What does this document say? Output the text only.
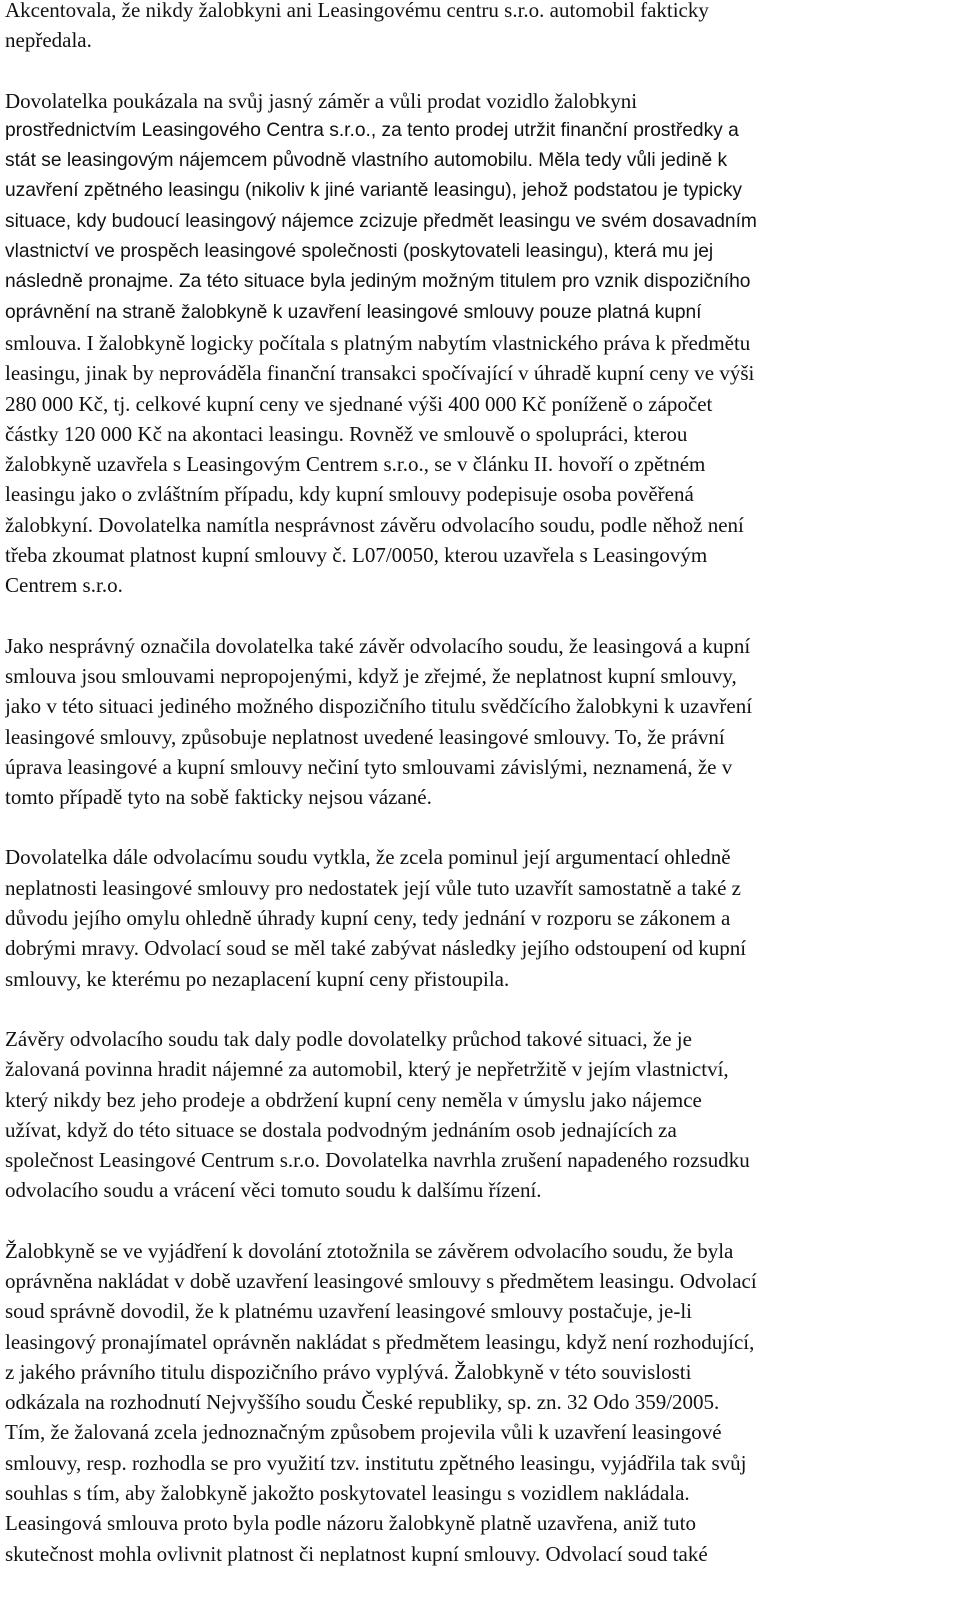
Akcentovala, že nikdy žalobkyni ani Leasingovému centru s.r.o. automobil fakticky
nepředala.
Dovolatelka poukázala na svůj jasný záměr a vůli prodat vozidlo žalobkyni
prostřednictvím Leasingového Centra s.r.o., za tento prodej utržit finanční prostředky a
stát se leasingovým nájemcem původně vlastního automobilu. Měla tedy vůli jedině k
uzavření zpětného leasingu (nikoliv k jiné variantě leasingu), jehož podstatou je typicky
situace, kdy budoucí leasingový nájemce zcizuje předmět leasingu ve svém dosavadním
vlastnictví ve prospěch leasingové společnosti (poskytovateli leasingu), která mu jej
následně pronajme. Za této situace byla jediným možným titulem pro vznik dispozičního
oprávnění na straně žalobkyně k uzavření leasingové smlouvy pouze platná kupní
smlouva. I žalobkyně logicky počítala s platným nabytím vlastnického práva k předmětu
leasingu, jinak by neprováděla finanční transakci spočívající v úhradě kupní ceny ve výši
280 000 Kč, tj. celkové kupní ceny ve sjednané výši 400 000 Kč poníženě o zápočet
částky 120 000 Kč na akontaci leasingu. Rovněž ve smlouvě o spolupráci, kterou
žalobkyně uzavřela s Leasingovým Centrem s.r.o., se v článku II. hovoří o zpětném
leasingu jako o zvláštním případu, kdy kupní smlouvy podepisuje osoba pověřená
žalobkyní. Dovolatelka namítla nesprávnost závěru odvolacího soudu, podle něhož není
třeba zkoumat platnost kupní smlouvy č. L07/0050, kterou uzavřela s Leasingovým
Centrem s.r.o.
Jako nesprávný označila dovolatelka také závěr odvolacího soudu, že leasingová a kupní
smlouva jsou smlouvami nepropojenými, když je zřejmé, že neplatnost kupní smlouvy,
jako v této situaci jediného možného dispozičního titulu svědčícího žalobkyni k uzavření
leasingové smlouvy, způsobuje neplatnost uvedené leasingové smlouvy. To, že právní
úprava leasingové a kupní smlouvy nečiní tyto smlouvami závislými, neznamená, že v
tomto případě tyto na sobě fakticky nejsou vázané.
Dovolatelka dále odvolacímu soudu vytkla, že zcela pominul její argumentací ohledně
neplatnosti leasingové smlouvy pro nedostatek její vůle tuto uzavřít samostatně a také z
důvodu jejího omylu ohledně úhrady kupní ceny, tedy jednání v rozporu se zákonem a
dobrými mravy. Odvolací soud se měl také zabývat následky jejího odstoupení od kupní
smlouvy, ke kterému po nezaplacení kupní ceny přistoupila.
Závěry odvolacího soudu tak daly podle dovolatelky průchod takové situaci, že je
žalovaná povinna hradit nájemné za automobil, který je nepřetržitě v jejím vlastnictví,
který nikdy bez jeho prodeje a obdržení kupní ceny neměla v úmyslu jako nájemce
užívat, když do této situace se dostala podvodným jednáním osob jednajících za
společnost Leasingové Centrum s.r.o. Dovolatelka navrhla zrušení napadeného rozsudku
odvolacího soudu a vrácení věci tomuto soudu k dalšímu řízení.
Žalobkyně se ve vyjádření k dovolání ztotožnila se závěrem odvolacího soudu, že byla
oprávněna nakládat v době uzavření leasingové smlouvy s předmětem leasingu. Odvolací
soud správně dovodil, že k platnému uzavření leasingové smlouvy postačuje, je-li
leasingový pronajímatel oprávněn nakládat s předmětem leasingu, když není rozhodující,
z jakého právního titulu dispozičního právo vyplývá. Žalobkyně v této souvislosti
odkázala na rozhodnutí Nejvyššího soudu České republiky, sp. zn. 32 Odo 359/2005.
Tím, že žalovaná zcela jednoznačným způsobem projevila vůli k uzavření leasingové
smlouvy, resp. rozhodla se pro využití tzv. institutu zpětného leasingu, vyjádřila tak svůj
souhlas s tím, aby žalobkyně jakožto poskytovatel leasingu s vozidlem nakládala.
Leasingová smlouva proto byla podle názoru žalobkyně platně uzavřena, aniž tuto
skutečnost mohla ovlivnit platnost či neplatnost kupní smlouvy. Odvolací soud také
